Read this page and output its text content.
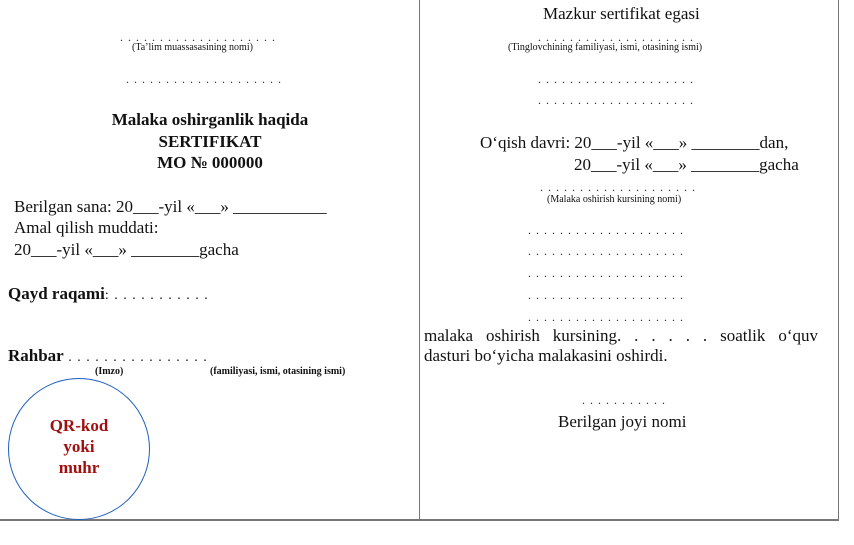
. . . . . . . . . . . . . . . . . . . .
(Ta’lim muassasasining nomi)
. . . . . . . . . . . . . . . . . . . .
Malaka oshirganlik haqida
SERTIFIKAT
MO № 000000
Berilgan sana: 20___-yil «___» ___________
Amal qilish muddati:
20___-yil «___» ________gacha
Qayd raqami: . . . . . . . . . . .
Rahbar . . . . . . . . . . . . . . . .
(Imzo)	(familiyasi, ismi, otasining ismi)
QR-kod
yoki
muhr
Mazkur sertifikat egasi
. . . . . . . . . . . . . . . . . . . .
(Tinglovchining familiyasi, ismi, otasining ismi)
. . . . . . . . . . . . . . . . . . . .
. . . . . . . . . . . . . . . . . . . .
O‘qish davri: 20___-yil «___» ________dan,
20___-yil «___» ________gacha
. . . . . . . . . . . . . . . . . . . .
(Malaka oshirish kursining nomi)
. . . . . . . . . . . . . . . . . . . .
. . . . . . . . . . . . . . . . . . . .
. . . . . . . . . . . . . . . . . . . .
. . . . . . . . . . . . . . . . . . . .
. . . . . . . . . . . . . . . . . . . .
malaka oshirish kursining. . . . . . soatlik o‘quv
dasturi bo‘yicha malakasini oshirdi.
. . . . . . . . . . .
Berilgan joyi nomi
